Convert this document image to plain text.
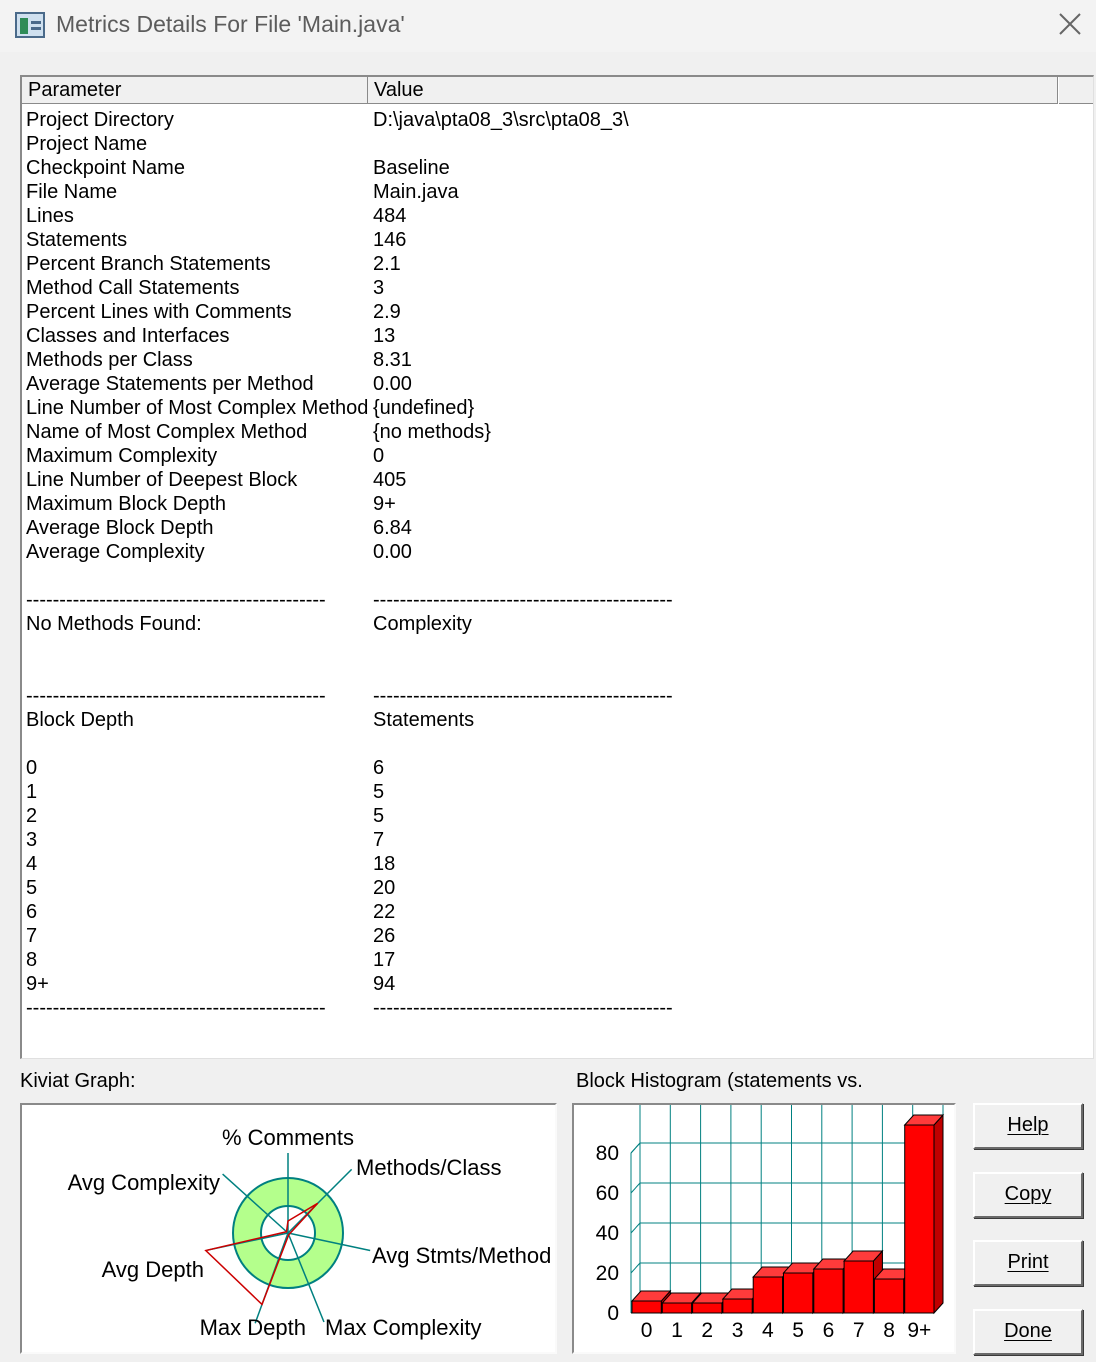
Metrics Details For File 'Main.java'
Parameter	Value
Project Directory	D:\java\pta08_3\src\pta08_3\
Project Name
Checkpoint Name	Baseline
File Name	Main.java
Lines	484
Statements	146
Percent Branch Statements	2.1
Method Call Statements	3
Percent Lines with Comments	2.9
Classes and Interfaces	13
Methods per Class	8.31
Average Statements per Method	0.00
Line Number of Most Complex Method {undefined}
Name of Most Complex Method	{no methods}
Maximum Complexity	0
Line Number of Deepest Block	405
Maximum Block Depth	9+
Average Block Depth	6.84
Average Complexity	0.00
--------------------------------------------- ---------------------------------------------
No Methods Found:	Complexity
--------------------------------------------- ---------------------------------------------
Block Depth	Statements
0	6
1	5
2	5
3	7
4	18
5	20
6	22
7	26
8	17
9+	94
--------------------------------------------- ---------------------------------------------
Kiviat Graph:	Block Histogram (statements vs.
% Comments
Methods/Class
Avg Stmts/Method
Max Complexity
Max Depth
Avg Depth
Avg Complexity
0
20
40
60
80
0 1 2 3 4 5 6 7 8 9+
Help
Copy
Print
Done
